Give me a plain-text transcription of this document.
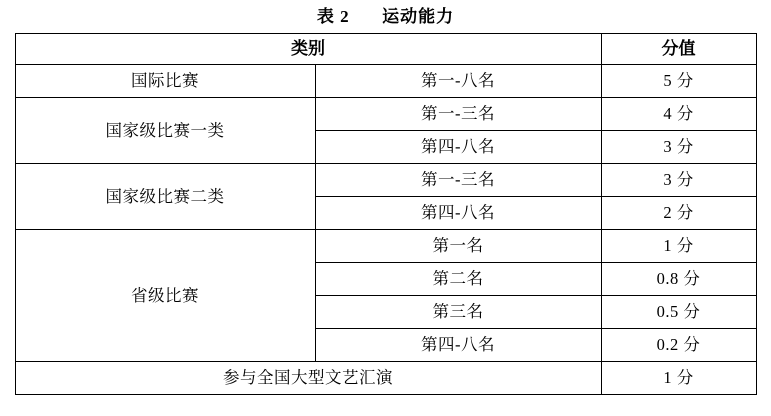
表 2 运动能力
类别		分值
国际比赛	第一-八名	5 分
国家级比赛一类	第一-三名	4 分
	第四-八名	3 分
国家级比赛二类	第一-三名	3 分
	第四-八名	2 分
省级比赛	第一名	1 分
	第二名	0.8 分
	第三名	0.5 分
	第四-八名	0.2 分
参与全国大型文艺汇演		1 分
